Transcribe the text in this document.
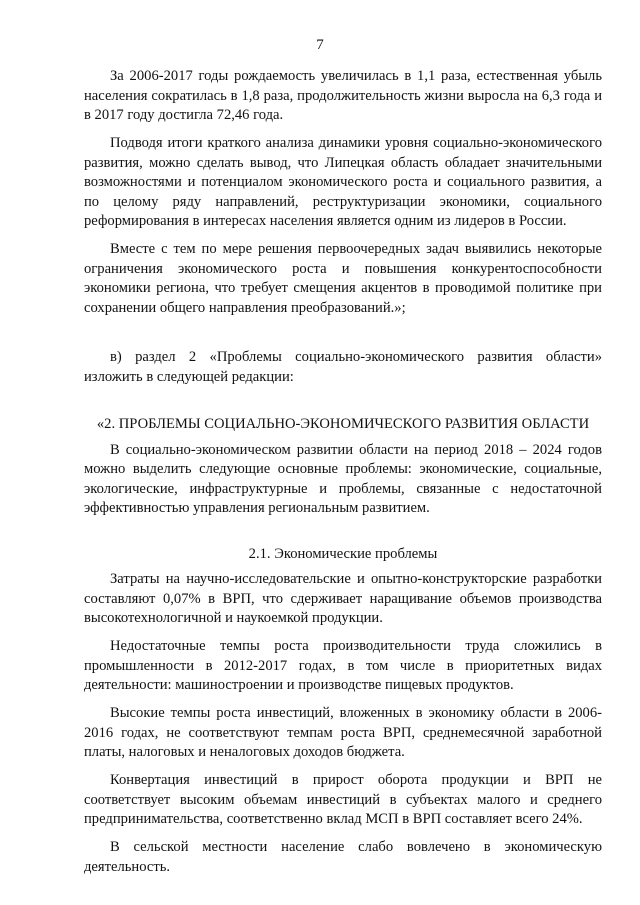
7

За 2006-2017 годы рождаемость увеличилась в 1,1 раза, естественная убыль населения сократилась в 1,8 раза, продолжительность жизни выросла на 6,3 года и в 2017 году достигла 72,46 года.

Подводя итоги краткого анализа динамики уровня социально-экономического развития, можно сделать вывод, что Липецкая область обладает значительными возможностями и потенциалом экономического роста и социального развития, а по целому ряду направлений, реструктуризации экономики, социального реформирования в интересах населения является одним из лидеров в России.

Вместе с тем по мере решения первоочередных задач выявились некоторые ограничения экономического роста и повышения конкурентоспособности экономики региона, что требует смещения акцентов в проводимой политике при сохранении общего направления преобразований.»;

в) раздел 2 «Проблемы социально-экономического развития области» изложить в следующей редакции:

«2. ПРОБЛЕМЫ СОЦИАЛЬНО-ЭКОНОМИЧЕСКОГО РАЗВИТИЯ ОБЛАСТИ

В социально-экономическом развитии области на период 2018 – 2024 годов можно выделить следующие основные проблемы: экономические, социальные, экологические, инфраструктурные и проблемы, связанные с недостаточной эффективностью управления региональным развитием.

2.1. Экономические проблемы

Затраты на научно-исследовательские и опытно-конструкторские разработки составляют 0,07% в ВРП, что сдерживает наращивание объемов производства высокотехнологичной и наукоемкой продукции.

Недостаточные темпы роста производительности труда сложились в промышленности в 2012-2017 годах, в том числе в приоритетных видах деятельности: машиностроении и производстве пищевых продуктов.

Высокие темпы роста инвестиций, вложенных в экономику области в 2006-2016 годах, не соответствуют темпам роста ВРП, среднемесячной заработной платы, налоговых и неналоговых доходов бюджета.

Конвертация инвестиций в прирост оборота продукции и ВРП не соответствует высоким объемам инвестиций в субъектах малого и среднего предпринимательства, соответственно вклад МСП в ВРП составляет всего 24%.

В сельской местности население слабо вовлечено в экономическую деятельность.
